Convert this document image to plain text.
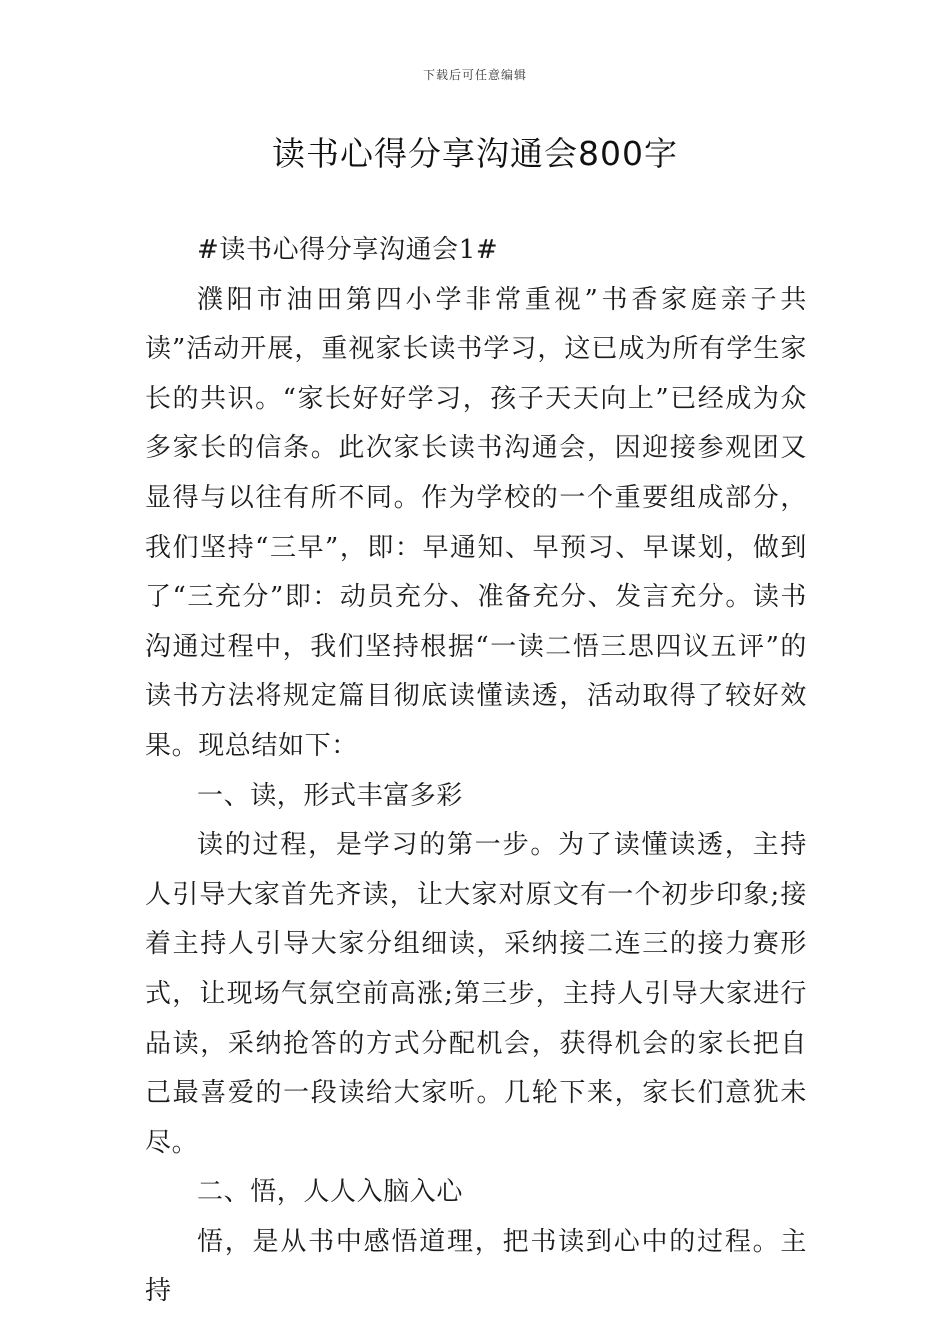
下载后可任意编辑
读书心得分享沟通会800字

#读书心得分享沟通会1#

濮阳市油田第四小学非常重视”书香家庭亲子共读”活动开展，重视家长读书学习，这已成为所有学生家长的共识。“家长好好学习，孩子天天向上”已经成为众多家长的信条。此次家长读书沟通会，因迎接参观团又显得与以往有所不同。作为学校的一个重要组成部分，我们坚持“三早”，即：早通知、早预习、早谋划，做到了“三充分”即：动员充分、准备充分、发言充分。读书沟通过程中，我们坚持根据“一读二悟三思四议五评”的读书方法将规定篇目彻底读懂读透，活动取得了较好效果。现总结如下：

一、读，形式丰富多彩

读的过程，是学习的第一步。为了读懂读透，主持人引导大家首先齐读，让大家对原文有一个初步印象;接着主持人引导大家分组细读，采纳接二连三的接力赛形式，让现场气氛空前高涨;第三步，主持人引导大家进行品读，采纳抢答的方式分配机会，获得机会的家长把自己最喜爱的一段读给大家听。几轮下来，家长们意犹未尽。

二、悟，人人入脑入心

悟，是从书中感悟道理，把书读到心中的过程。主持
